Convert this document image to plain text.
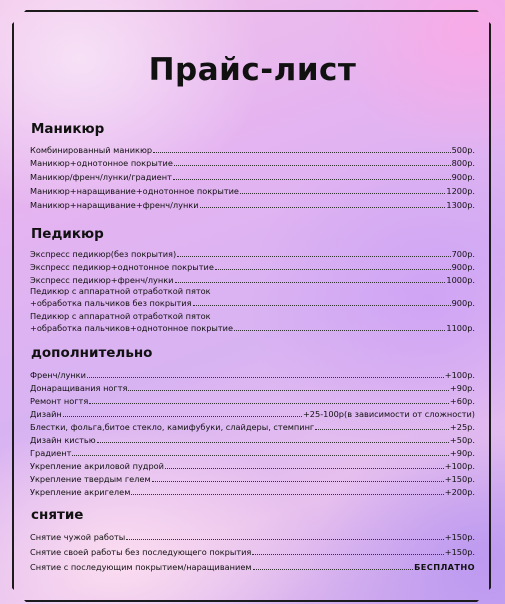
Прайс-лист
Маникюр
Комбинированный маникюр	500р.
Маникюр+однотонное покрытие	800р.
Маникюр/френч/лунки/градиент	900р.
Маникюр+наращивание+однотонное покрытие	1200р.
Маникюр+наращивание+френч/лунки	1300р.
Педикюр
Экспресс педикюр(без покрытия)	700р.
Экспресс педикюр+однотонное покрытие	900р.
Экспресс педикюр+френч/лунки	1000р.
Педикюр с аппаратной отработкой пяток
+обработка пальчиков без покрытия	900р.
Педикюр с аппаратной отработкой пяток
+обработка пальчиков+однотонное покрытие	1100р.
дополнительно
Френч/лунки	+100р.
Донаращивания ногтя	+90р.
Ремонт ногтя	+60р.
Дизайн	+25-100р(в зависимости от сложности)
Блестки, фольга,битое стекло, камифубуки, слайдеры, стемпинг	+25р.
Дизайн кистью	+50р.
Градиент	+90р.
Укрепление акриловой пудрой	+100р.
Укрепление твердым гелем	+150р.
Укрепление акригелем	+200р.
снятие
Снятие чужой работы	+150р.
Снятие своей работы без последующего покрытия	+150р.
Снятие с последующим покрытием/наращиванием	БЕСПЛАТНО
